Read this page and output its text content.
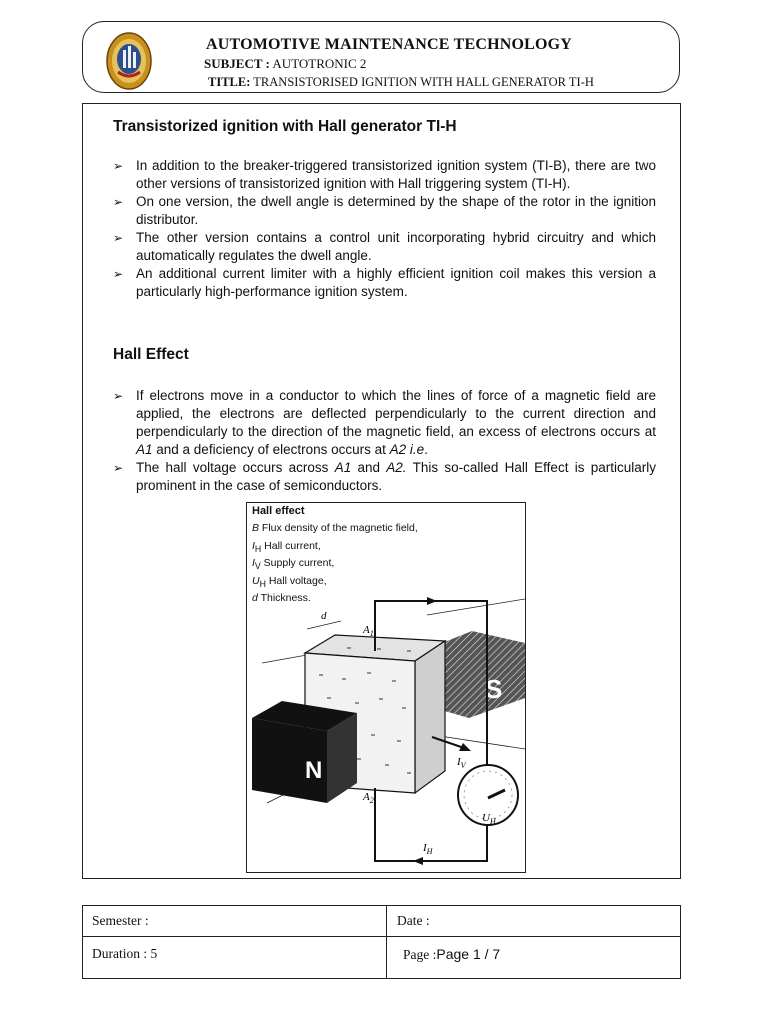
AUTOMOTIVE MAINTENANCE TECHNOLOGY
SUBJECT : AUTOTRONIC 2
TITLE: TRANSISTORISED IGNITION WITH HALL GENERATOR TI-H
Transistorized ignition with Hall generator TI-H
➢ In addition to the breaker-triggered transistorized ignition system (TI-B), there are two other versions of transistorized ignition with Hall triggering system (TI-H).
➢ On one version, the dwell angle is determined by the shape of the rotor in the ignition distributor.
➢ The other version contains a control unit incorporating hybrid circuitry and which automatically regulates the dwell angle.
➢ An additional current limiter with a highly efficient ignition coil makes this version a particularly high-performance ignition system.
Hall Effect
➢ If electrons move in a conductor to which the lines of force of a magnetic field are applied, the electrons are deflected perpendicularly to the current direction and perpendicularly to the direction of the magnetic field, an excess of electrons occurs at A1 and a deficiency of electrons occurs at A2 i.e.
➢ The hall voltage occurs across A1 and A2. This so-called Hall Effect is particularly prominent in the case of semiconductors.
Hall effect
B Flux density of the magnetic field,
$I_H$ Hall current,
$I_V$ Supply current,
$U_H$ Hall voltage,
d Thickness.
S
N
d
$A_1$
$A_2$
$I_V$
$I_H$
$U_H$
Semester :	Date :
Duration : 5	Page :Page 1 / 7
